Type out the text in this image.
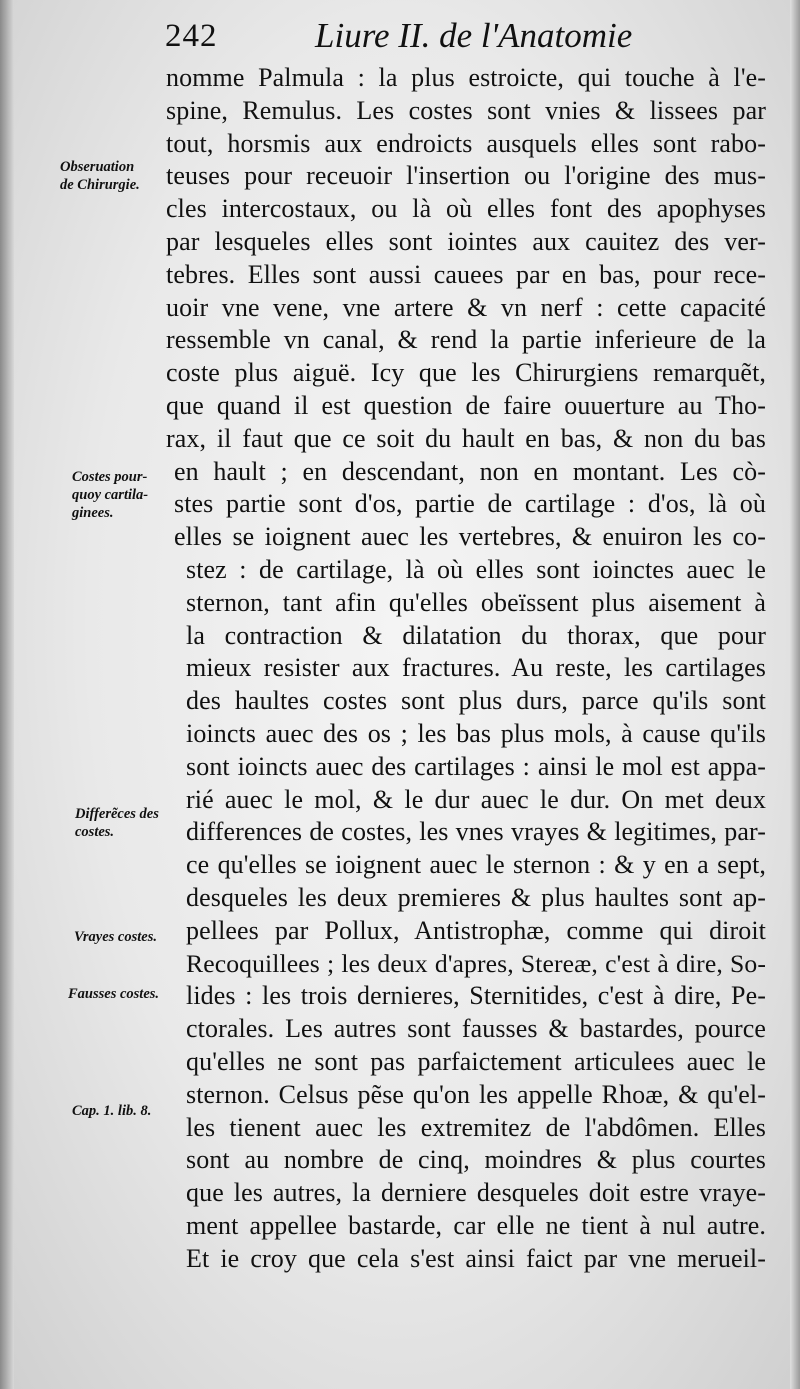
242	Liure II. de l'Anatomie
Obseruation
de Chirurgie.
Costes pour-
quoy cartila-
ginees.
Differẽces des
costes.
Vrayes costes.
Fausses costes.
Cap. 1. lib. 8.
nomme Palmula : la plus estroicte, qui touche à l'e-
spine, Remulus. Les costes sont vnies & lissees par
tout, horsmis aux endroicts ausquels elles sont rabo-
teuses pour receuoir l'insertion ou l'origine des mus-
cles intercostaux, ou là où elles font des apophyses
par lesqueles elles sont iointes aux cauitez des ver-
tebres. Elles sont aussi cauees par en bas, pour rece-
uoir vne vene, vne artere & vn nerf : cette capacité
ressemble vn canal, & rend la partie inferieure de la
coste plus aiguë. Icy que les Chirurgiens remarquẽt,
que quand il est question de faire ouuerture au Tho-
rax, il faut que ce soit du hault en bas, & non du bas
en hault ; en descendant, non en montant. Les cò-
stes partie sont d'os, partie de cartilage : d'os, là où
elles se ioignent auec les vertebres, & enuiron les co-
stez : de cartilage, là où elles sont ioinctes auec le
sternon, tant afin qu'elles obeïssent plus aisement à
la contraction & dilatation du thorax, que pour
mieux resister aux fractures. Au reste, les cartilages
des haultes costes sont plus durs, parce qu'ils sont
ioincts auec des os ; les bas plus mols, à cause qu'ils
sont ioincts auec des cartilages : ainsi le mol est appa-
rié auec le mol, & le dur auec le dur. On met deux
differences de costes, les vnes vrayes & legitimes, par-
ce qu'elles se ioignent auec le sternon : & y en a sept,
desqueles les deux premieres & plus haultes sont ap-
pellees par Pollux, Antistrophæ, comme qui diroit
Recoquillees ; les deux d'apres, Stereæ, c'est à dire, So-
lides : les trois dernieres, Sternitides, c'est à dire, Pe-
ctorales. Les autres sont fausses & bastardes, pource
qu'elles ne sont pas parfaictement articulees auec le
sternon. Celsus pẽse qu'on les appelle Rhoæ, & qu'el-
les tienent auec les extremitez de l'abdômen. Elles
sont au nombre de cinq, moindres & plus courtes
que les autres, la derniere desqueles doit estre vraye-
ment appellee bastarde, car elle ne tient à nul autre.
Et ie croy que cela s'est ainsi faict par vne merueil-
